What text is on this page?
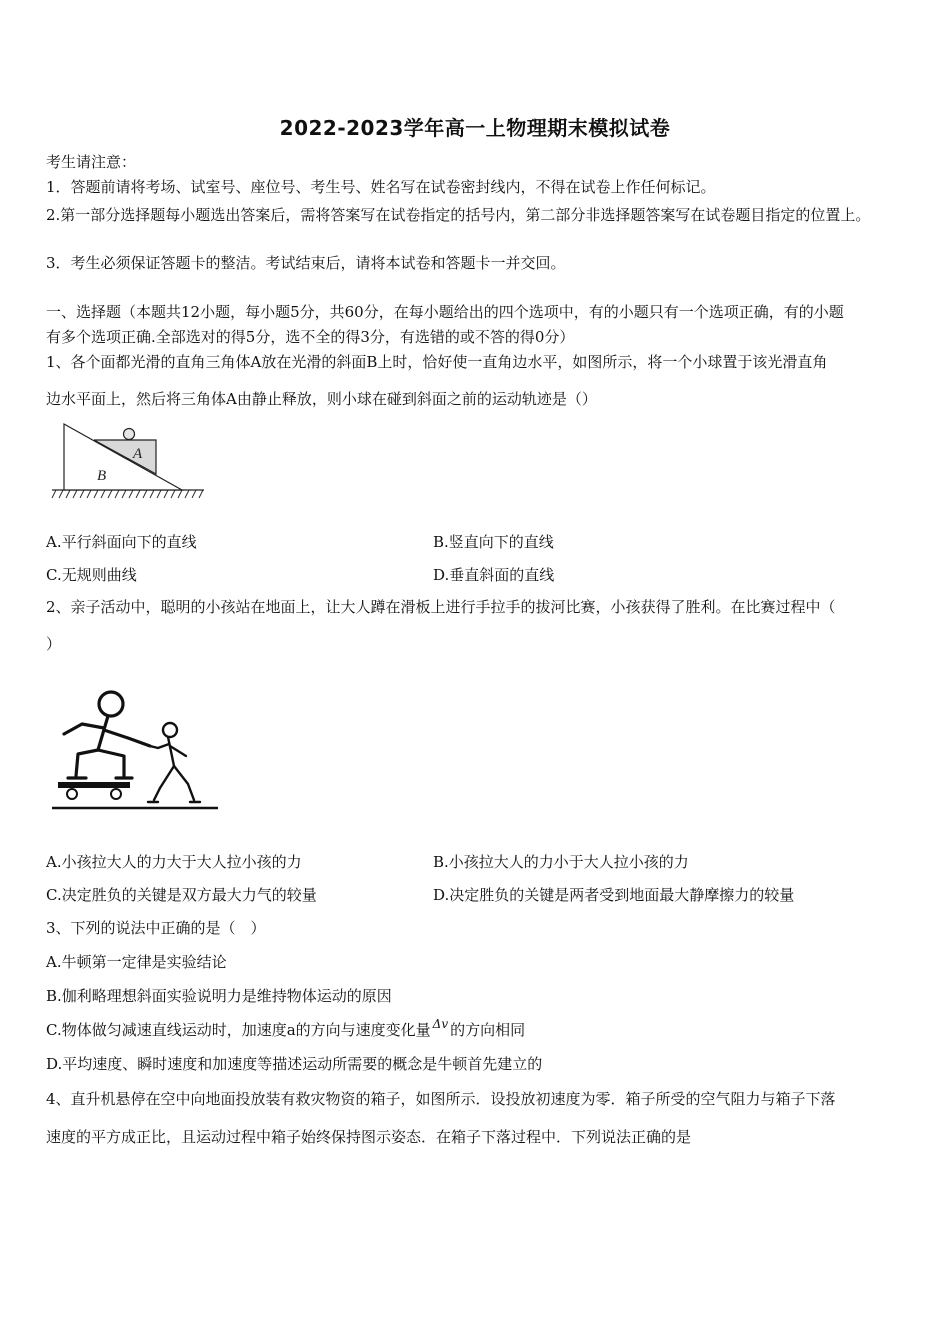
2022-2023学年高一上物理期末模拟试卷
考生请注意：
1．答题前请将考场、试室号、座位号、考生号、姓名写在试卷密封线内，不得在试卷上作任何标记。
2.第一部分选择题每小题选出答案后，需将答案写在试卷指定的括号内，第二部分非选择题答案写在试卷题目指定的位置上。
3．考生必须保证答题卡的整洁。考试结束后，请将本试卷和答题卡一并交回。
一、选择题（本题共12小题，每小题5分，共60分，在每小题给出的四个选项中，有的小题只有一个选项正确，有的小题
有多个选项正确.全部选对的得5分，选不全的得3分，有选错的或不答的得0分）
1、各个面都光滑的直角三角体A放在光滑的斜面B上时，恰好使一直角边水平，如图所示，将一个小球置于该光滑直角
边水平面上，然后将三角体A由静止释放，则小球在碰到斜面之前的运动轨迹是（）
A
B
A.平行斜面向下的直线	B.竖直向下的直线
C.无规则曲线	D.垂直斜面的直线
2、亲子活动中，聪明的小孩站在地面上，让大人蹲在滑板上进行手拉手的拔河比赛，小孩获得了胜利。在比赛过程中（
）
A.小孩拉大人的力大于大人拉小孩的力	B.小孩拉大人的力小于大人拉小孩的力
C.决定胜负的关键是双方最大力气的较量	D.决定胜负的关键是两者受到地面最大静摩擦力的较量
3、下列的说法中正确的是（　）
A.牛顿第一定律是实验结论
B.伽利略理想斜面实验说明力是维持物体运动的原因
C.物体做匀减速直线运动时，加速度a的方向与速度变化量 $^{\Delta v}$ 的方向相同
D.平均速度、瞬时速度和加速度等描述运动所需要的概念是牛顿首先建立的
4、直升机悬停在空中向地面投放装有救灾物资的箱子，如图所示．设投放初速度为零．箱子所受的空气阻力与箱子下落
速度的平方成正比，且运动过程中箱子始终保持图示姿态．在箱子下落过程中．下列说法正确的是
